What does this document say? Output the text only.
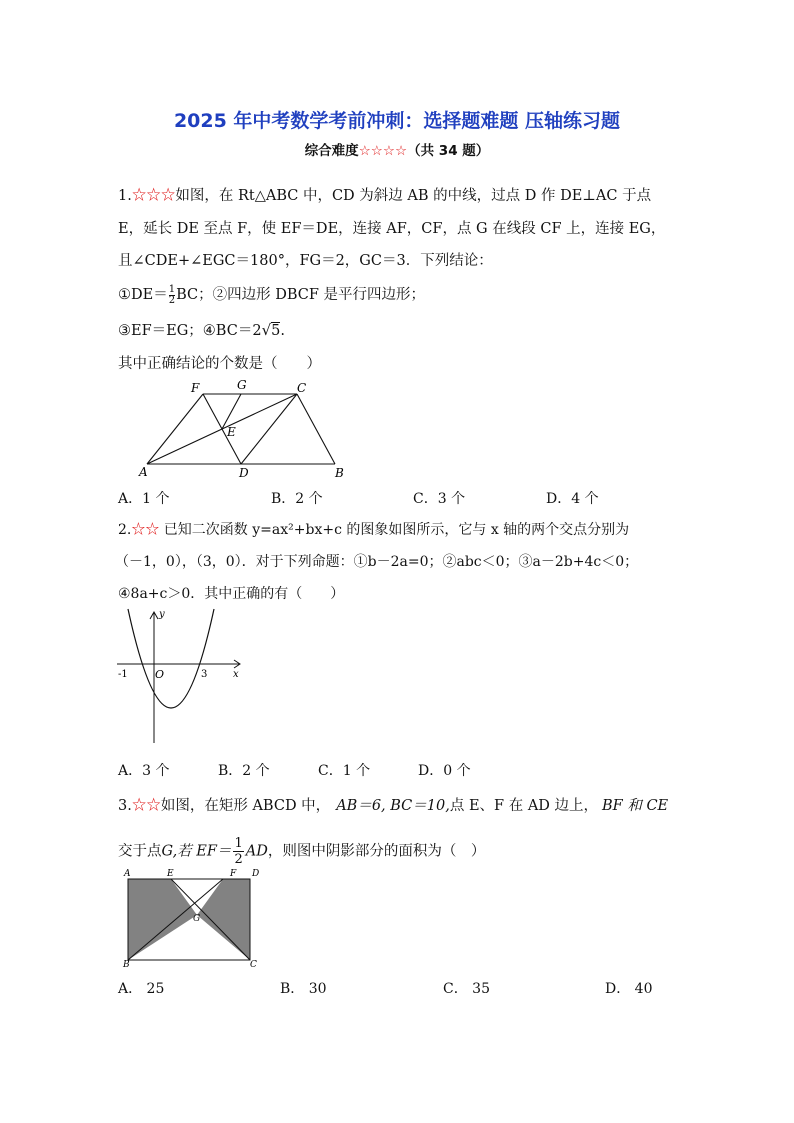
2025 年中考数学考前冲刺：选择题难题 压轴练习题
综合难度☆☆☆☆（共 34 题）
1.☆☆☆如图，在 Rt△ABC 中，CD 为斜边 AB 的中线，过点 D 作 DE⊥AC 于点
E，延长 DE 至点 F，使 EF＝DE，连接 AF，CF，点 G 在线段 CF 上，连接 EG，
且∠CDE+∠EGC＝180°，FG＝2，GC＝3．下列结论：
①DE＝ $\frac{1}{2}$ BC；②四边形 DBCF 是平行四边形；
③EF＝EG；④BC＝2√5.
其中正确结论的个数是（　　）
F	G	C
E
A	D	B
A．1 个	B．2 个	C．3 个	D．4 个
2.☆☆ 已知二次函数 y=ax²+bx+c 的图象如图所示，它与 x 轴的两个交点分别为
（－1，0），（3，0）．对于下列命题：①b－2a=0；②abc＜0；③a－2b+4c＜0；
④8a+c＞0．其中正确的有（　　）
y
x
-1 O	3
A．3 个	B．2 个	C．1 个	D．0 个
3.☆☆如图，在矩形 ABCD 中， AB＝6, BC＝10,点 E、F 在 AD 边上， BF 和 CE
交于点G,若 $EF= \frac{1}{2}$ AD，则图中阴影部分的面积为（　）
A	E	F D
G
B	C
A． 25	B． 30	C． 35	D． 40
